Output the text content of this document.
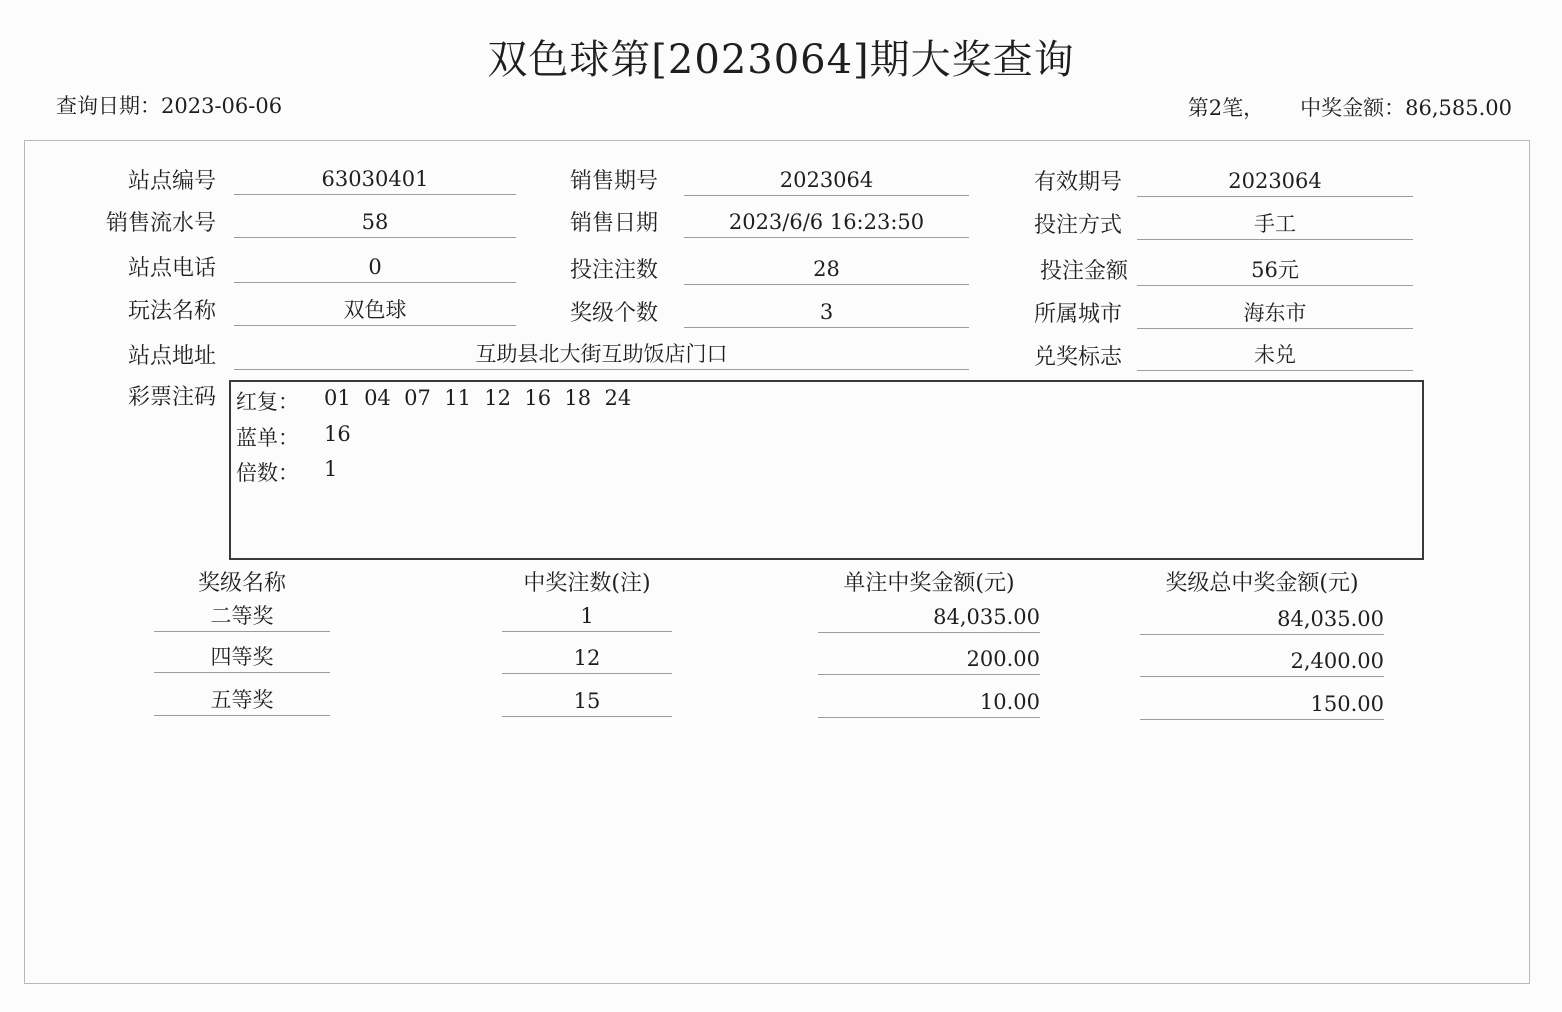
双色球第[2023064]期大奖查询
查询日期：2023-06-06	第2笔， 中奖金额：86,585.00
站点编号	63030401	销售期号	2023064	有效期号	2023064
销售流水号	58	销售日期	2023/6/6 16:23:50	投注方式	手工
站点电话	0	投注注数	28	投注金额	56元
玩法名称	双色球	奖级个数	3	所属城市	海东市
站点地址	互助县北大街互助饭店门口	兑奖标志	未兑
彩票注码 红复： 01  04  07  11  12  16  18  24
蓝单： 16
倍数： 1
奖级名称	中奖注数(注)	单注中奖金额(元)	奖级总中奖金额(元)
二等奖	1	84,035.00	84,035.00
四等奖	12	200.00	2,400.00
五等奖	15	10.00	150.00
